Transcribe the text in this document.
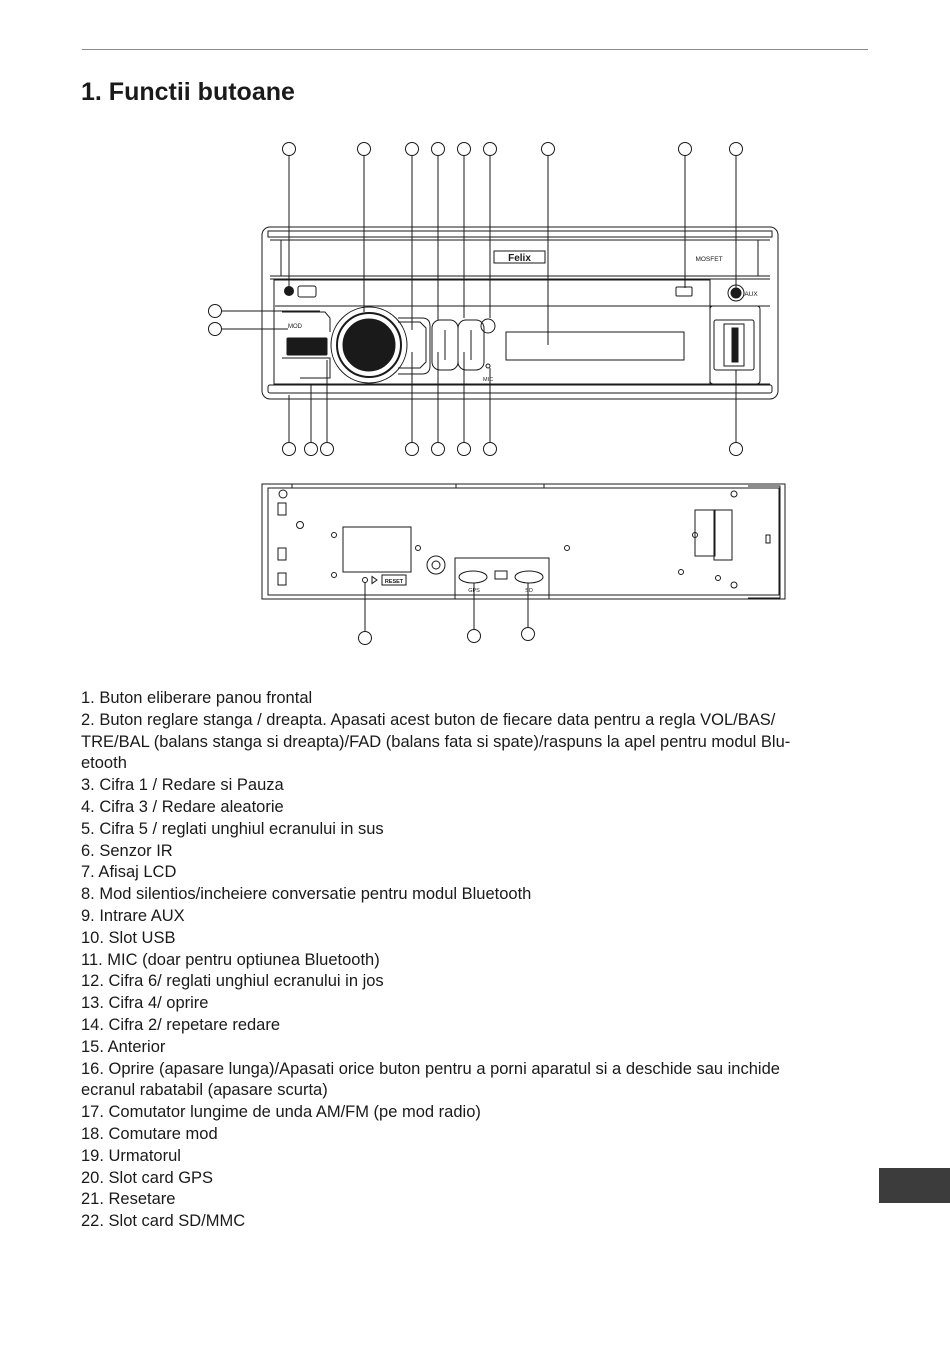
1. Functii butoane
Felix	MOSFET
AUX
MOD
MIC
RESET
GPS	SD
1. Buton eliberare panou frontal
2. Buton reglare stanga / dreapta. Apasati acest buton de fiecare data pentru a regla VOL/BAS/
TRE/BAL (balans stanga si dreapta)/FAD (balans fata si spate)/raspuns la apel pentru modul Blu-
etooth
3. Cifra 1 / Redare si Pauza
4. Cifra 3 / Redare aleatorie
5. Cifra 5 / reglati unghiul ecranului in sus
6. Senzor IR
7. Afisaj LCD
8. Mod silentios/incheiere conversatie pentru modul Bluetooth
9. Intrare AUX
10. Slot USB
11. MIC (doar pentru optiunea Bluetooth)
12. Cifra 6/ reglati unghiul ecranului in jos
13. Cifra 4/ oprire
14. Cifra 2/ repetare redare
15. Anterior
16. Oprire (apasare lunga)/Apasati orice buton pentru a porni aparatul si a deschide sau inchide
ecranul rabatabil (apasare scurta)
17. Comutator lungime de unda AM/FM (pe mod radio)
18. Comutare mod
19. Urmatorul
20. Slot card GPS
21. Resetare
22. Slot card SD/MMC
